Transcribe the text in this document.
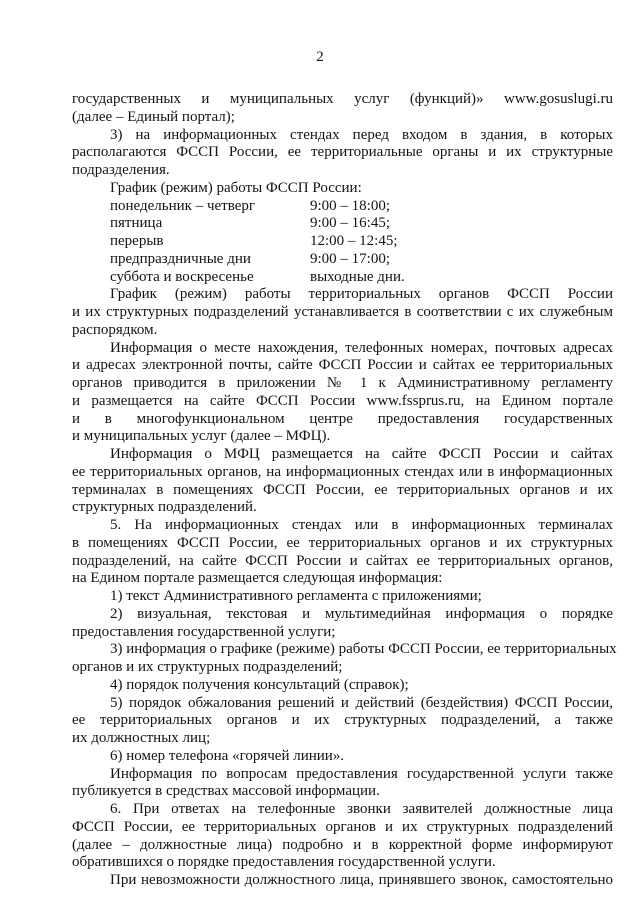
2
государственных и муниципальных услуг (функций)» www.gosuslugi.ru
(далее – Единый портал);
3) на информационных стендах перед входом в здания, в которых
располагаются ФССП России, ее территориальные органы и их структурные
подразделения.
График (режим) работы ФССП России:
понедельник – четверг	9:00 – 18:00;
пятница	9:00 – 16:45;
перерыв	12:00 – 12:45;
предпраздничные дни	9:00 – 17:00;
суббота и воскресенье	выходные дни.
График (режим) работы территориальных органов ФССП России
и их структурных подразделений устанавливается в соответствии с их служебным
распорядком.
Информация о месте нахождения, телефонных номерах, почтовых адресах
и адресах электронной почты, сайте ФССП России и сайтах ее территориальных
органов приводится в приложении № 1 к Административному регламенту
и размещается на сайте ФССП России www.fssprus.ru, на Едином портале
и в многофункциональном центре предоставления государственных
и муниципальных услуг (далее – МФЦ).
Информация о МФЦ размещается на сайте ФССП России и сайтах
ее территориальных органов, на информационных стендах или в информационных
терминалах в помещениях ФССП России, ее территориальных органов и их
структурных подразделений.
5. На информационных стендах или в информационных терминалах
в помещениях ФССП России, ее территориальных органов и их структурных
подразделений, на сайте ФССП России и сайтах ее территориальных органов,
на Едином портале размещается следующая информация:
1) текст Административного регламента с приложениями;
2) визуальная, текстовая и мультимедийная информация о порядке
предоставления государственной услуги;
3) информация о графике (режиме) работы ФССП России, ее территориальных
органов и их структурных подразделений;
4) порядок получения консультаций (справок);
5) порядок обжалования решений и действий (бездействия) ФССП России,
ее территориальных органов и их структурных подразделений, а также
их должностных лиц;
6) номер телефона «горячей линии».
Информация по вопросам предоставления государственной услуги также
публикуется в средствах массовой информации.
6. При ответах на телефонные звонки заявителей должностные лица
ФССП России, ее территориальных органов и их структурных подразделений
(далее – должностные лица) подробно и в корректной форме информируют
обратившихся о порядке предоставления государственной услуги.
При невозможности должностного лица, принявшего звонок, самостоятельно
